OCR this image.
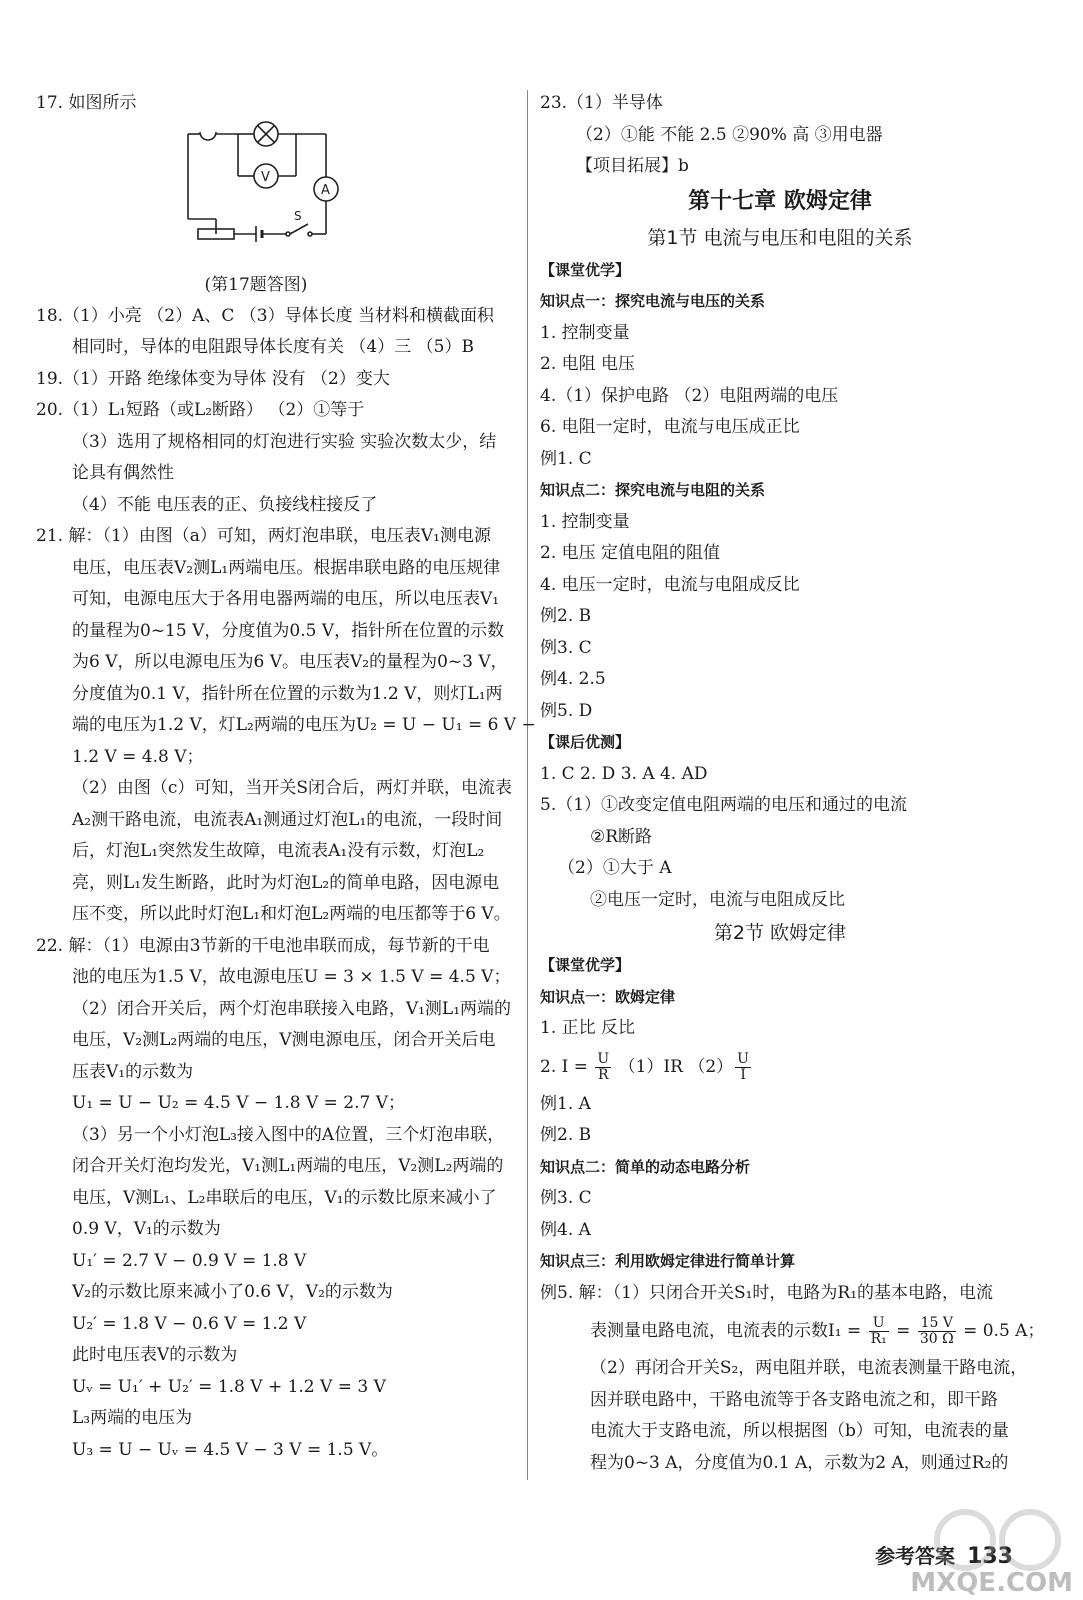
17. 如图所示
V
A
S
(第17题答图)
18.（1）小亮 （2）A、C （3）导体长度 当材料和横截面积
相同时，导体的电阻跟导体长度有关 （4）三 （5）B
19.（1）开路 绝缘体变为导体 没有 （2）变大
20.（1）L₁短路（或L₂断路） （2）①等于
（3）选用了规格相同的灯泡进行实验 实验次数太少，结
论具有偶然性
（4）不能 电压表的正、负接线柱接反了
21. 解：（1）由图（a）可知，两灯泡串联，电压表V₁测电源
电压，电压表V₂测L₁两端电压。根据串联电路的电压规律
可知，电源电压大于各用电器两端的电压，所以电压表V₁
的量程为0~15 V，分度值为0.5 V，指针所在位置的示数
为6 V，所以电源电压为6 V。电压表V₂的量程为0~3 V，
分度值为0.1 V，指针所在位置的示数为1.2 V，则灯L₁两
端的电压为1.2 V，灯L₂两端的电压为U₂ = U − U₁ = 6 V −
1.2 V = 4.8 V；
（2）由图（c）可知，当开关S闭合后，两灯并联，电流表
A₂测干路电流，电流表A₁测通过灯泡L₁的电流，一段时间
后，灯泡L₁突然发生故障，电流表A₁没有示数，灯泡L₂
亮，则L₁发生断路，此时为灯泡L₂的简单电路，因电源电
压不变，所以此时灯泡L₁和灯泡L₂两端的电压都等于6 V。
22. 解：（1）电源由3节新的干电池串联而成，每节新的干电
池的电压为1.5 V，故电源电压U = 3 × 1.5 V = 4.5 V；
（2）闭合开关后，两个灯泡串联接入电路，V₁测L₁两端的
电压，V₂测L₂两端的电压，V测电源电压，闭合开关后电
压表V₁的示数为
U₁ = U − U₂ = 4.5 V − 1.8 V = 2.7 V；
（3）另一个小灯泡L₃接入图中的A位置，三个灯泡串联，
闭合开关灯泡均发光，V₁测L₁两端的电压，V₂测L₂两端的
电压，V测L₁、L₂串联后的电压，V₁的示数比原来减小了
0.9 V，V₁的示数为
U₁′ = 2.7 V − 0.9 V = 1.8 V
V₂的示数比原来减小了0.6 V，V₂的示数为
U₂′ = 1.8 V − 0.6 V = 1.2 V
此时电压表V的示数为
Uᵥ = U₁′ + U₂′ = 1.8 V + 1.2 V = 3 V
L₃两端的电压为
U₃ = U − Uᵥ = 4.5 V − 3 V = 1.5 V。
23.（1）半导体
（2）①能 不能 2.5 ②90% 高 ③用电器
【项目拓展】b
第十七章 欧姆定律
第1节 电流与电压和电阻的关系
【课堂优学】
知识点一：探究电流与电压的关系
1. 控制变量
2. 电阻 电压
4.（1）保护电路 （2）电阻两端的电压
6. 电阻一定时，电流与电压成正比
例1. C
知识点二：探究电流与电阻的关系
1. 控制变量
2. 电压 定值电阻的阻值
4. 电压一定时，电流与电阻成反比
例2. B
例3. C
例4. 2.5
例5. D
【课后优测】
1. C 2. D 3. A 4. AD
5.（1）①改变定值电阻两端的电压和通过的电流
②R断路
（2）①大于 A
②电压一定时，电流与电阻成反比
第2节 欧姆定律
【课堂优学】
知识点一：欧姆定律
1. 正比 反比
2. $I = \frac{U}{R} (1)IR$ $(2) \frac{U}{I}$
例1. A
例2. B
知识点二：简单的动态电路分析
例3. C
例4. A
知识点三：利用欧姆定律进行简单计算
例5. 解：（1）只闭合开关S₁时，电路为R₁的基本电路，电流
表测量电路电流，电流表的示数$I_1 = \frac{U}{\text{R₁}} = \frac{15 V}{30 \Omega} = 0.5$ A；
（2）再闭合开关S₂，两电阻并联，电流表测量干路电流，
因并联电路中，干路电流等于各支路电流之和，即干路
电流大于支路电流，所以根据图（b）可知，电流表的量
程为0~3 A，分度值为0.1 A，示数为2 A，则通过R₂的
参考答案 133
MXQE.COM
